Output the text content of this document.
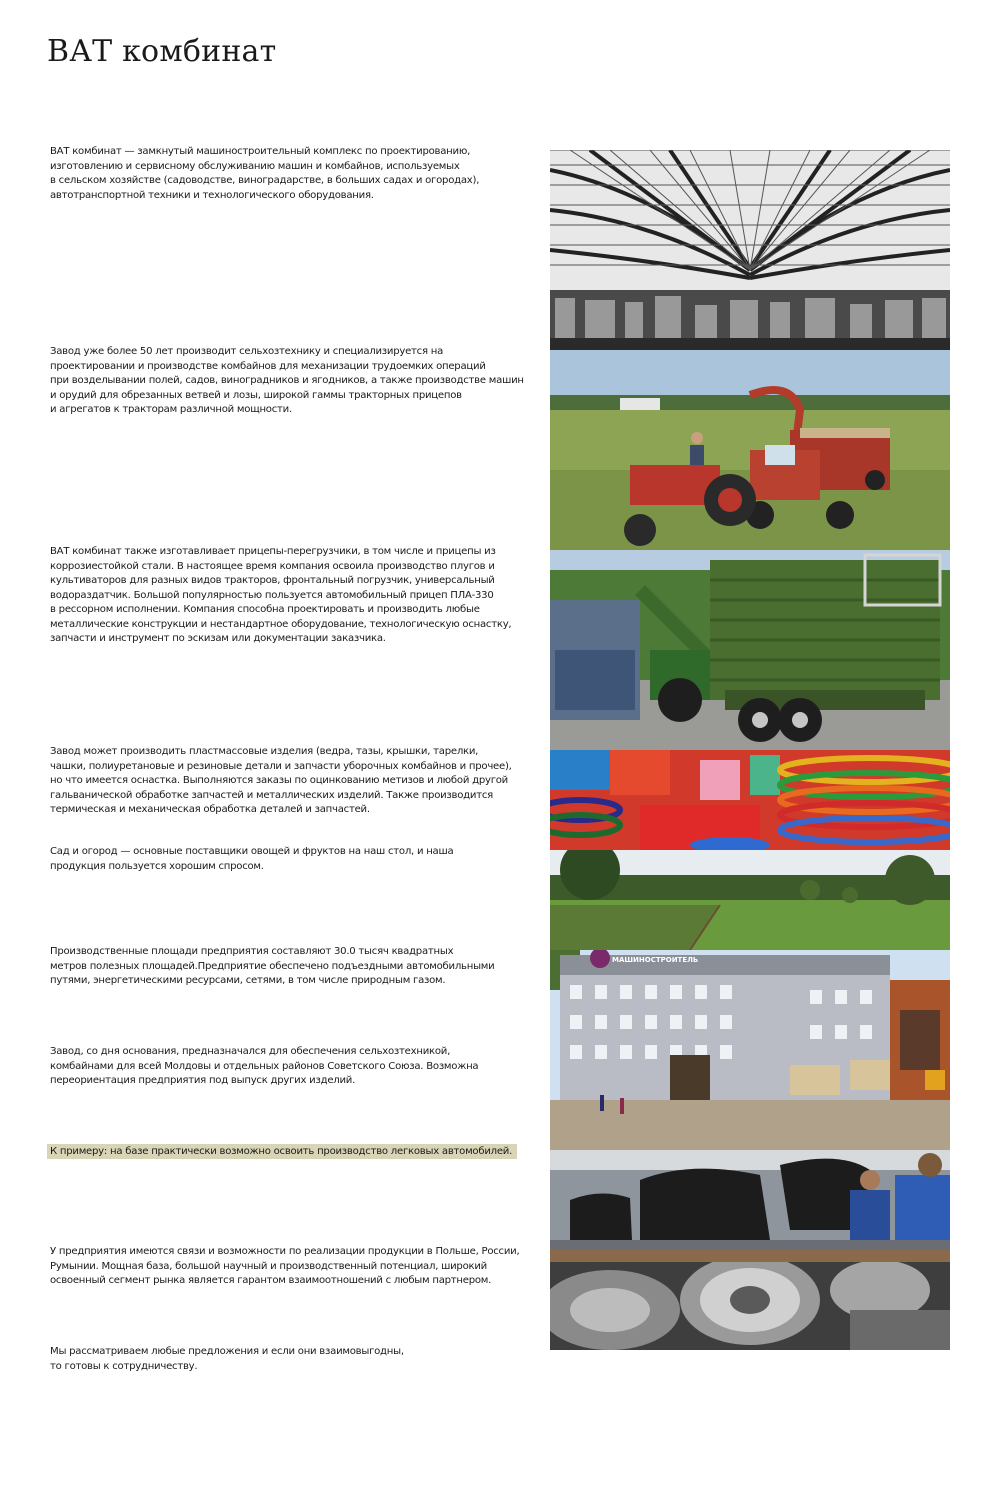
ВАТ комбинат
ВАТ комбинат — замкнутый машиностроительный комплекс по проектированию,
изготовлению и сервисному обслуживанию машин и комбайнов, используемых
в сельском хозяйстве (садоводстве, виноградарстве, в больших садах и огородах),
автотранспортной техники и технологического оборудования.
Завод уже более 50 лет производит сельхозтехнику и специализируется на
проектировании и производстве комбайнов для механизации трудоемких операций
при возделывании полей, садов, виноградников и ягодников, а также производстве машин
и орудий для обрезанных ветвей и лозы, широкой гаммы тракторных прицепов
и агрегатов к тракторам различной мощности.
ВАТ комбинат также изготавливает прицепы-перегрузчики, в том числе и прицепы из
коррозиестойкой стали. В настоящее время компания освоила производство плугов и
культиваторов для разных видов тракторов, фронтальный погрузчик, универсальный
водораздатчик. Большой популярностью пользуется автомобильный прицеп ПЛА-330
в рессорном исполнении. Компания способна проектировать и производить любые
металлические конструкции и нестандартное оборудование, технологическую оснастку,
запчасти и инструмент по эскизам или документации заказчика.
Завод может производить пластмассовые изделия (ведра, тазы, крышки, тарелки,
чашки, полиуретановые и резиновые детали и запчасти уборочных комбайнов и прочее),
но что имеется оснастка. Выполняются заказы по оцинкованию метизов и любой другой
гальванической обработке запчастей и металлических изделий. Также производится
термическая и механическая обработка деталей и запчастей.
Сад и огород — основные поставщики овощей и фруктов на наш стол, и наша
продукция пользуется хорошим спросом.
Производственные площади предприятия составляют 30.0 тысяч квадратных
метров полезных площадей.Предприятие обеспечено подъездными автомобильными
путями, энергетическими ресурсами, сетями, в том числе природным газом.
Завод, со дня основания, предназначался для обеспечения сельхозтехникой,
комбайнами для всей Молдовы и отдельных районов Советского Союза. Возможна
переориентация предприятия под выпуск других изделий.
К примеру: на базе практически возможно освоить производство легковых автомобилей.
У предприятия имеются связи и возможности по реализации продукции в Польше, России,
Румынии. Мощная база, большой научный и производственный потенциал, широкий
освоенный сегмент рынка является гарантом взаимоотношений с любым партнером.
Мы рассматриваем любые предложения и если они взаимовыгодны,
то готовы к сотрудничеству.
МАШИНОСТРОИТЕЛЬ
